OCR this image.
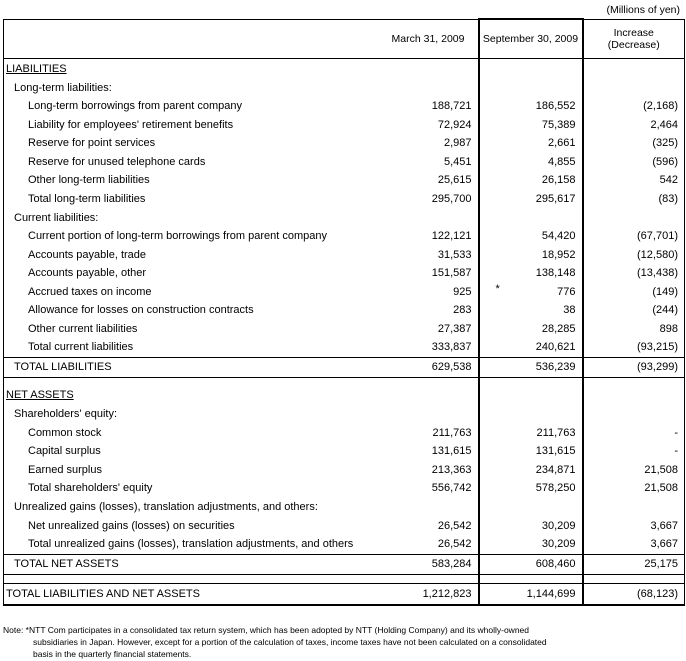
(Millions of yen)
	March 31, 2009	September 30, 2009	Increase
(Decrease)
LIABILITIES			
Long-term liabilities:			
Long-term borrowings from parent company	188,721	186,552	(2,168)
Liability for employees' retirement benefits	72,924	75,389	2,464
Reserve for point services	2,987	2,661	(325)
Reserve for unused telephone cards	5,451	4,855	(596)
Other long-term liabilities	25,615	26,158	542
Total long-term liabilities	295,700	295,617	(83)
Current liabilities:			
Current portion of long-term borrowings from parent company	122,121	54,420	(67,701)
Accounts payable, trade	31,533	18,952	(12,580)
Accounts payable, other	151,587	138,148	(13,438)
Accrued taxes on income	925	* 776	(149)
Allowance for losses on construction contracts	283	38	(244)
Other current liabilities	27,387	28,285	898
Total current liabilities	333,837	240,621	(93,215)
TOTAL LIABILITIES	629,538	536,239	(93,299)

NET ASSETS			
Shareholders' equity:			
Common stock	211,763	211,763	-
Capital surplus	131,615	131,615	-
Earned surplus	213,363	234,871	21,508
Total shareholders' equity	556,742	578,250	21,508
Unrealized gains (losses), translation adjustments, and others:			
Net unrealized gains (losses) on securities	26,542	30,209	3,667
Total unrealized gains (losses), translation adjustments, and others	26,542	30,209	3,667
TOTAL NET ASSETS	583,284	608,460	25,175

TOTAL LIABILITIES AND NET ASSETS	1,212,823	1,144,699	(68,123)
Note: *NTT Com participates in a consolidated tax return system, which has been adopted by NTT (Holding Company) and its wholly-owned
subsidiaries in Japan. However, except for a portion of the calculation of taxes, income taxes have not been calculated on a consolidated
basis in the quarterly financial statements.
